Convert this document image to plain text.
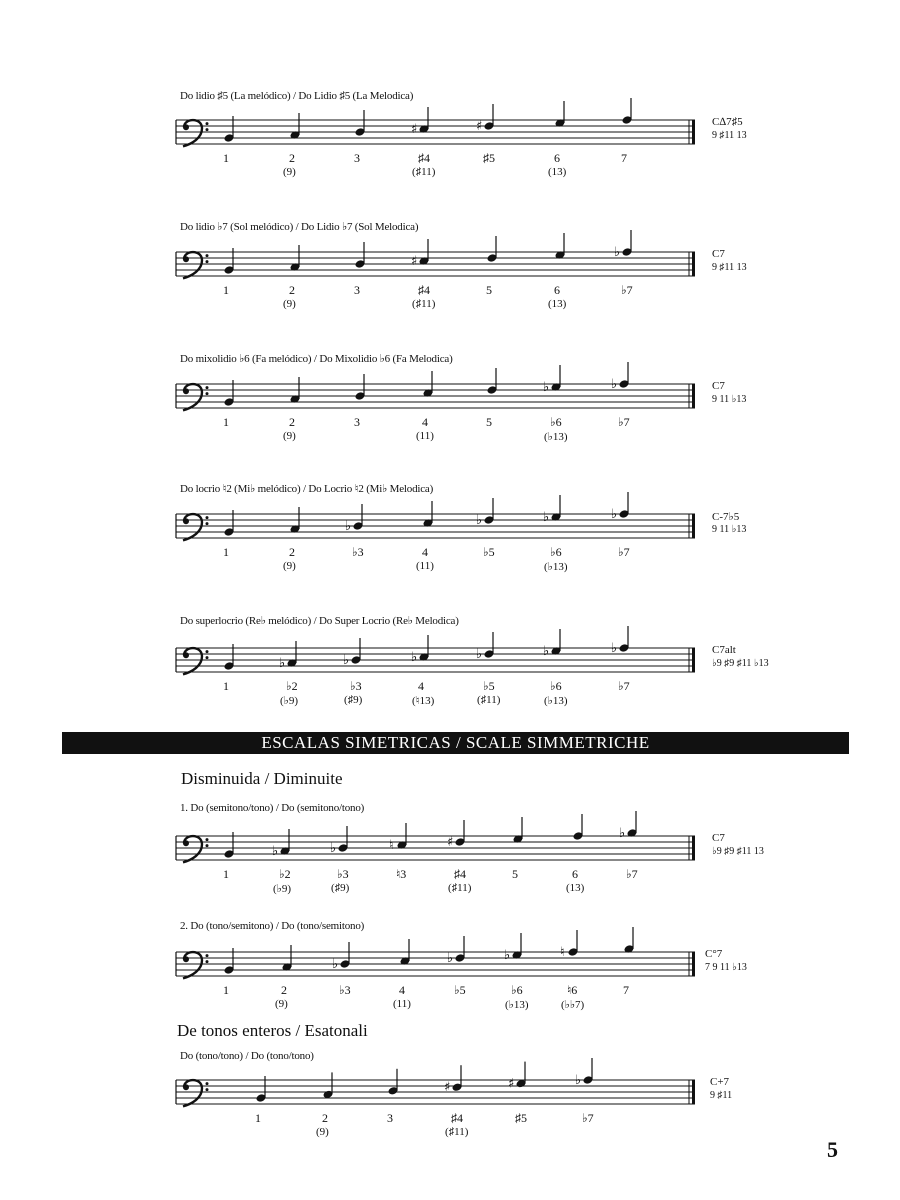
♯	♯
♯
♭
♭	♭
♭	♭	♭	♭
♭	♭	♭	♭	♭	♭
♭	♭	♮	♯
♭
♭	♭	♭	♮
♯	♯	♭
ESCALAS SIMETRICAS / SCALE SIMMETRICHE
Disminuida / Diminuite
De tonos enteros / Esatonali
5
Do lidio ♯5 (La melódico) / Do Lidio ♯5 (La Melodica)
1	2
(9)
3	♯4
(♯11)
♯5	6
(13)
7
C∆7♯5
9 ♯11 13
Do lidio ♭7 (Sol melódico) / Do Lidio ♭7 (Sol Melodica)
1	2
(9)
3	♯4
(♯11)
5	6
(13)
♭7
C7
9 ♯11 13
Do mixolidio ♭6 (Fa melódico) / Do Mixolidio ♭6 (Fa Melodica)
1	2
(9)
3	4
(11)
5	♭6
(♭13)
♭7
C7
9 11 ♭13
Do locrio ♮2 (Mi♭ melódico) / Do Locrio ♮2 (Mi♭ Melodica)
1	2
(9)
♭3	4
(11)
♭5	♭6
(♭13)
♭7
C-7♭5
9 11 ♭13
Do superlocrio (Re♭ melódico) / Do Super Locrio (Re♭ Melodica)
1	♭2
(♭9)
♭3
(♯9)
4
(♮13)
♭5
(♯11)
♭6
(♭13)
♭7
C7alt
♭9 ♯9 ♯11 ♭13
1. Do (semitono/tono) / Do (semitono/tono)
1	♭2
(♭9)
♭3
(♯9)
♮3	♯4
(♯11)
5	6
(13)
♭7
C7
♭9 ♯9 ♯11 13
2. Do (tono/semitono) / Do (tono/semitono)
1	2
(9)
♭3	4
(11)
♭5	♭6
(♭13)
♮6
(♭♭7)
7
C°7
7 9 11 ♭13
Do (tono/tono) / Do (tono/tono)
1	2
(9)
3	♯4
(♯11)
♯5	♭7
C+7
9 ♯11
